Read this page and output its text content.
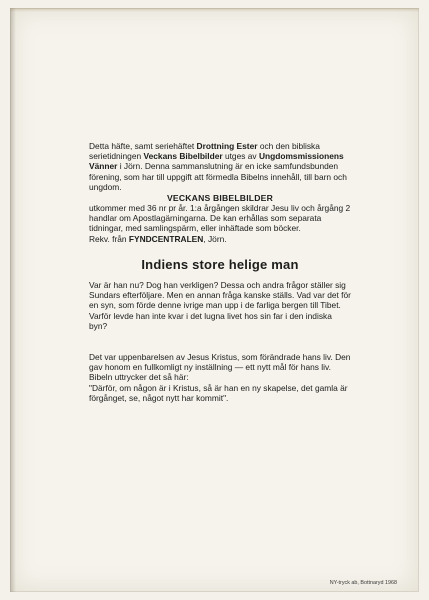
Detta häfte, samt seriehäftet Drottning Ester och den bibliska serietidningen Veckans Bibelbilder utges av Ungdomsmissionens Vänner i Jörn. Denna sammanslutning är en icke samfundsbunden förening, som har till uppgift att förmedla Bibelns innehåll, till barn och ungdom.

VECKANS BIBELBILDER

utkommer med 36 nr pr år. 1:a årgången skildrar Jesu liv och årgång 2 handlar om Apostlagärningarna. De kan erhållas som separata tidningar, med samlingspärm, eller inhäftade som böcker.

Rekv. från FYNDCENTRALEN, Jörn.

Indiens store helige man

Var är han nu? Dog han verkligen? Dessa och andra frågor ställer sig Sundars efterföljare. Men en annan fråga kanske ställs. Vad var det för en syn, som förde denne ivrige man upp i de farliga bergen till Tibet. Varför levde han inte kvar i det lugna livet hos sin far i den indiska byn?

Det var uppenbarelsen av Jesus Kristus, som förändrade hans liv. Den gav honom en fullkomligt ny inställning — ett nytt mål för hans liv. Bibeln uttrycker det så här:

"Därför, om någon är i Kristus, så är han en ny skapelse, det gamla är förgånget, se, något nytt har kommit".

NY-tryck ab, Bottnaryd 1968
